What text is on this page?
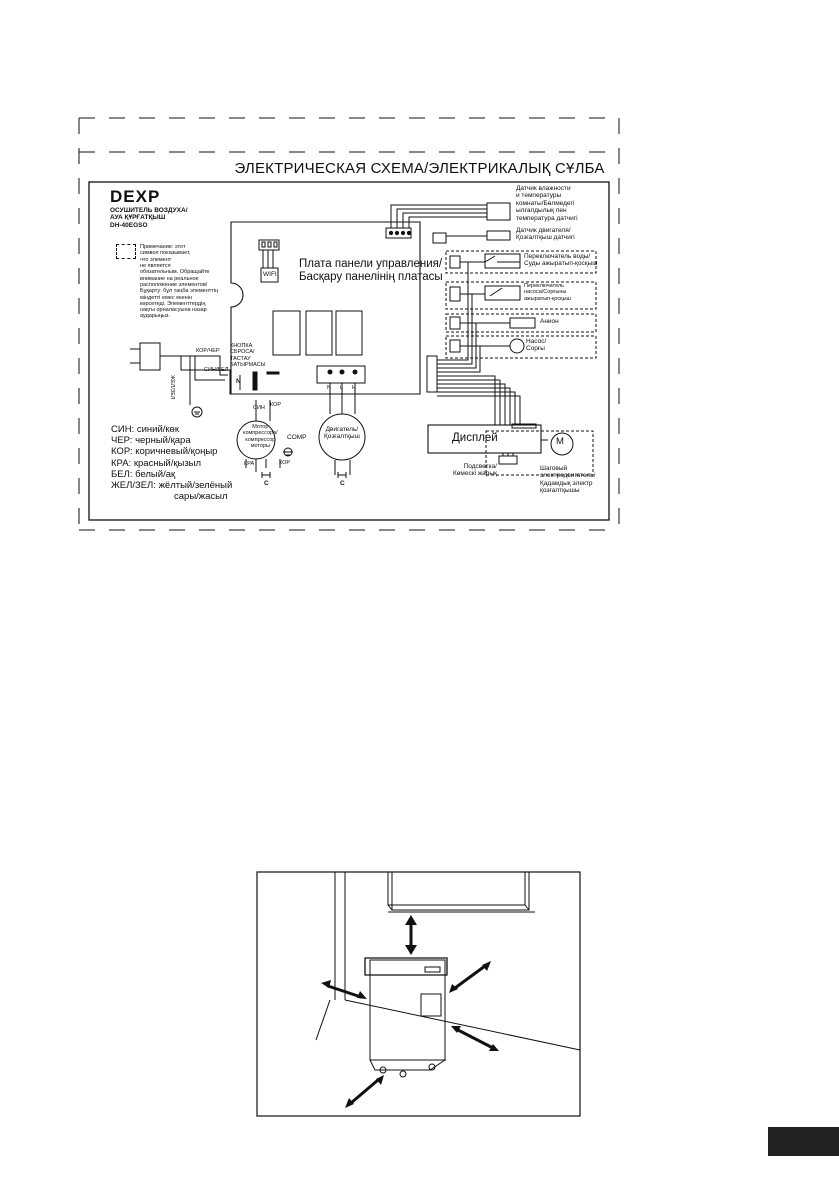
ЭЛЕКТРИЧЕСКАЯ СХЕМА/ЭЛЕКТРИКАЛЫҚ СҰЛБА
DEXP
ОСУШИТЕЛЬ ВОЗДУХА/
АУА ҚҰРҒАТҚЫШ
DH-40EGSO
Примечание: этот
символ показывает,
что элемент
не является
обязательным. Обращайте
внимание на реальное
расположение элементов/
Бұқарту: бұл таңба элементтің
міндетті емес екенін
көрсетеді. Элементтердің
нақты орналасуына назар
аударыңыз.
Плата панели управления/
Басқару панелінің платасы
WIFI
КНОПКА
СБРОСА/
ТАСТАУ
БАТЫРМАСЫ
КОР/ЧЕР
СИН/БЕЛ
ЖЕЛ/ЗЕЛ	N
N L H
СИН КОР
Мотор
компрессора/
компрессор
моторы
COMP
КРА	КОР
C
Двигатель/
Қозғалтқыш
C
Датчик влажности
и температуры
комнаты/Бөлмедегі
ылғалдылық пен
температура датчигі
Датчик двигателя/
Қозғалтқыш датчигі
Переключатель воды/
Суды ажыратып-қосқыш
Переключатель
насоса/Сорғыны
ажыратып-қосқыш
Анион
Насос/
Сорғы
Дисплей	M
Подсветка/
Көмескі жарық
Шаговый
электродвигатель/
Қадамдық электр
қозғалтқышы
СИН: синий/көк
ЧЕР: черный/қара
КОР: коричневый/қоңыр
КРА: красный/қызыл
БЕЛ: белый/ақ
ЖЕЛ/ЗЕЛ: жёлтый/зелёный
сары/жасыл
